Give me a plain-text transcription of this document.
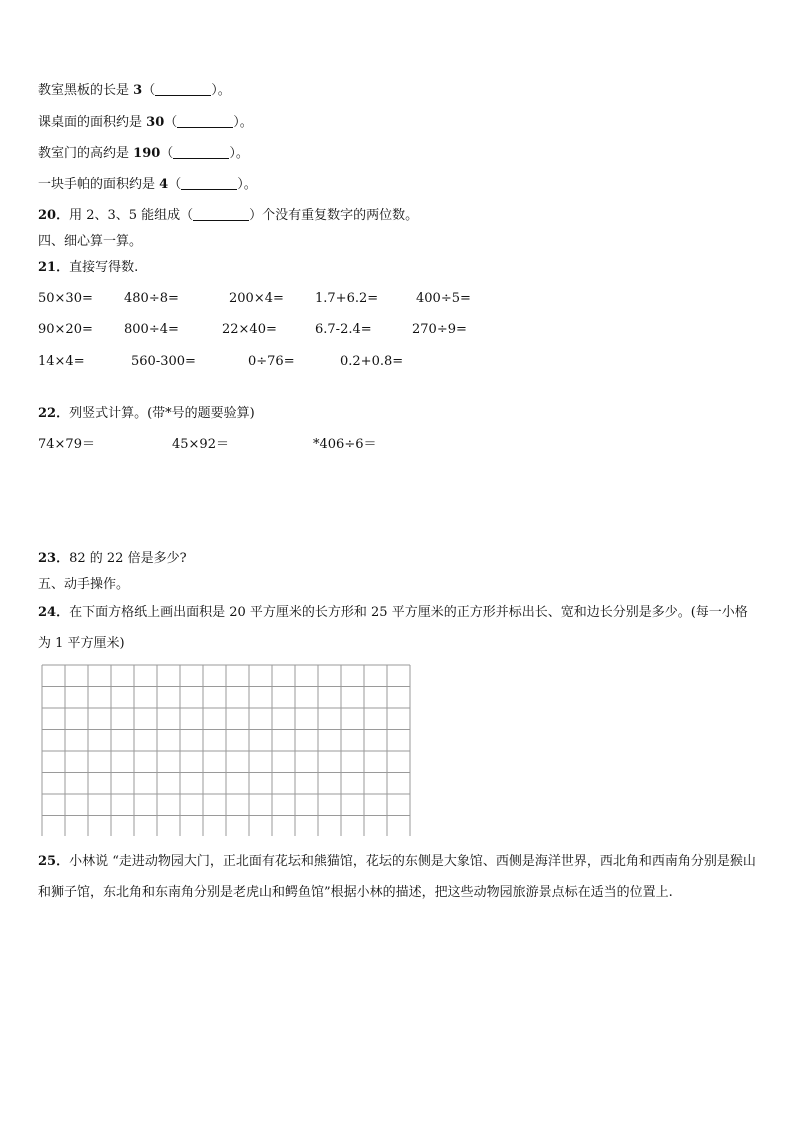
教室黑板的长是 3（	）。
课桌面的面积约是 30（	）。
教室门的高约是 190（	）。
一块手帕的面积约是 4（	）。
20．用 2、3、5 能组成（	）个没有重复数字的两位数。
四、细心算一算。
21．直接写得数.
50×30= 480÷8=	200×4= 1.7+6.2=	400÷5=
90×20= 800÷4=	22×40=	6.7-2.4=	270÷9=
14×4=	560-300=	0÷76=	0.2+0.8=
22．列竖式计算。(带*号的题要验算)
74×79＝	45×92＝	*406÷6＝
23．82 的 22 倍是多少?
五、动手操作。
24．在下面方格纸上画出面积是 20 平方厘米的长方形和 25 平方厘米的正方形并标出长、宽和边长分别是多少。(每一小格为 1 平方厘米)
25．小林说 “走进动物园大门，正北面有花坛和熊猫馆，花坛的东侧是大象馆、西侧是海洋世界，西北角和西南角分别是猴山和狮子馆，东北角和东南角分别是老虎山和鳄鱼馆”根据小林的描述，把这些动物园旅游景点标在适当的位置上.
